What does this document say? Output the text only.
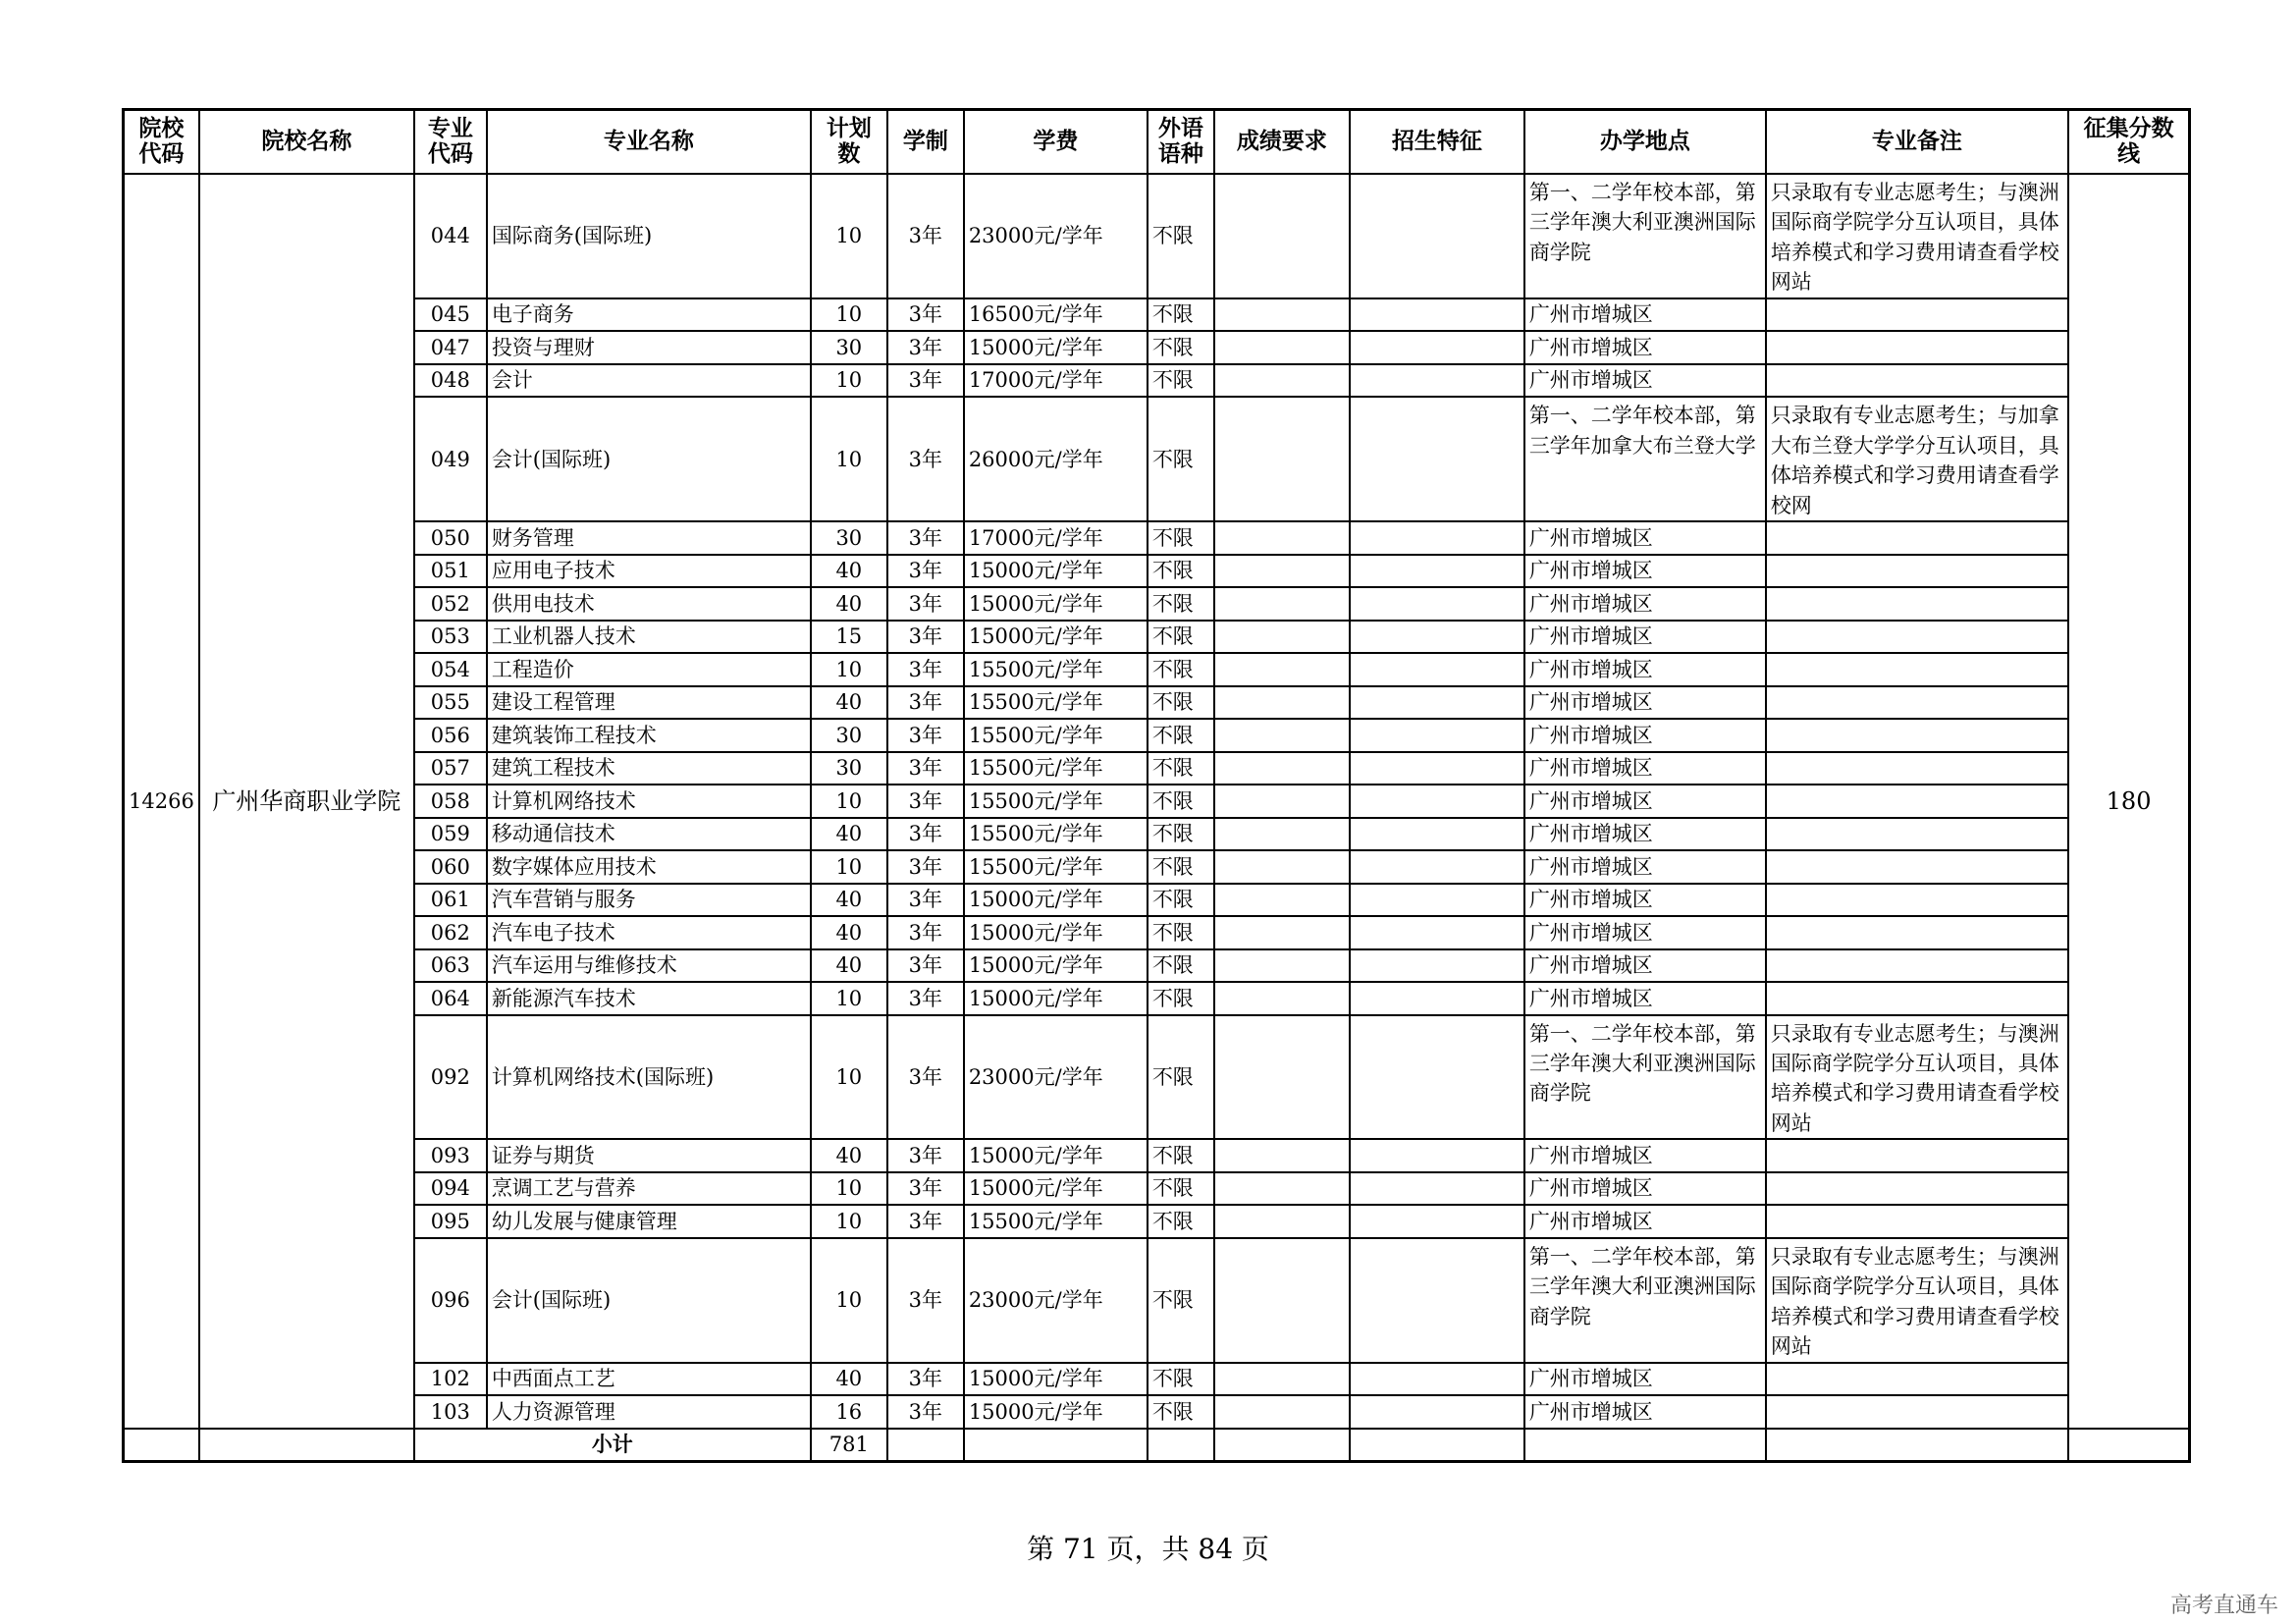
院校代码	院校名称	专业代码	专业名称	计划数	学制	学费	外语语种	成绩要求	招生特征	办学地点	专业备注	征集分数线
14266	广州华商职业学院	044	国际商务(国际班)	10	3年	23000元/学年	不限			第一、二学年校本部，第三学年澳大利亚澳洲国际商学院	只录取有专业志愿考生；与澳洲国际商学院学分互认项目，具体培养模式和学习费用请查看学校网站	180
		045	电子商务	10	3年	16500元/学年	不限			广州市增城区		
		047	投资与理财	30	3年	15000元/学年	不限			广州市增城区		
		048	会计	10	3年	17000元/学年	不限			广州市增城区		
		049	会计(国际班)	10	3年	26000元/学年	不限			第一、二学年校本部，第三学年加拿大布兰登大学	只录取有专业志愿考生；与加拿大布兰登大学学分互认项目，具体培养模式和学习费用请查看学校网	
		050	财务管理	30	3年	17000元/学年	不限			广州市增城区		
		051	应用电子技术	40	3年	15000元/学年	不限			广州市增城区		
		052	供用电技术	40	3年	15000元/学年	不限			广州市增城区		
		053	工业机器人技术	15	3年	15000元/学年	不限			广州市增城区		
		054	工程造价	10	3年	15500元/学年	不限			广州市增城区		
		055	建设工程管理	40	3年	15500元/学年	不限			广州市增城区		
		056	建筑装饰工程技术	30	3年	15500元/学年	不限			广州市增城区		
		057	建筑工程技术	30	3年	15500元/学年	不限			广州市增城区		
		058	计算机网络技术	10	3年	15500元/学年	不限			广州市增城区		
		059	移动通信技术	40	3年	15500元/学年	不限			广州市增城区		
		060	数字媒体应用技术	10	3年	15500元/学年	不限			广州市增城区		
		061	汽车营销与服务	40	3年	15000元/学年	不限			广州市增城区		
		062	汽车电子技术	40	3年	15000元/学年	不限			广州市增城区		
		063	汽车运用与维修技术	40	3年	15000元/学年	不限			广州市增城区		
		064	新能源汽车技术	10	3年	15000元/学年	不限			广州市增城区		
		092	计算机网络技术(国际班)	10	3年	23000元/学年	不限			第一、二学年校本部，第三学年澳大利亚澳洲国际商学院	只录取有专业志愿考生；与澳洲国际商学院学分互认项目，具体培养模式和学习费用请查看学校网站	
		093	证券与期货	40	3年	15000元/学年	不限			广州市增城区		
		094	烹调工艺与营养	10	3年	15000元/学年	不限			广州市增城区		
		095	幼儿发展与健康管理	10	3年	15500元/学年	不限			广州市增城区		
		096	会计(国际班)	10	3年	23000元/学年	不限			第一、二学年校本部，第三学年澳大利亚澳洲国际商学院	只录取有专业志愿考生；与澳洲国际商学院学分互认项目，具体培养模式和学习费用请查看学校网站	
		102	中西面点工艺	40	3年	15000元/学年	不限			广州市增城区		
		103	人力资源管理	16	3年	15000元/学年	不限			广州市增城区		
		小计		781								
第 71 页，共 84 页
高考直通车
